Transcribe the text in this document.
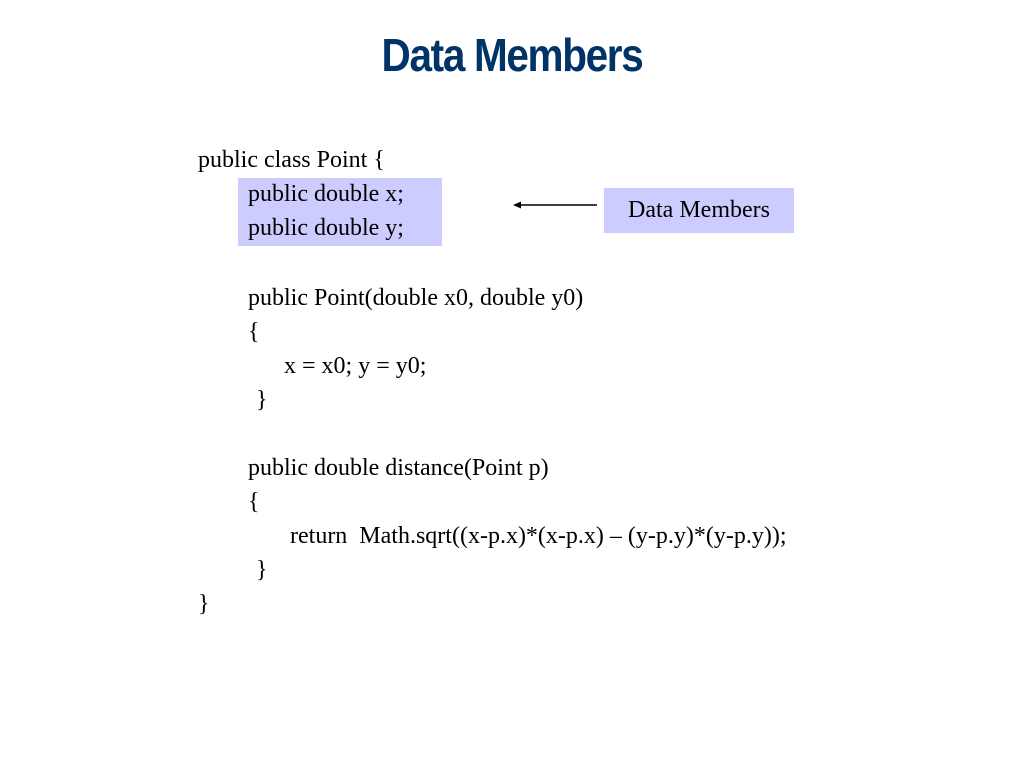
Data Members
Data Members
public class Point {
public double x;
public double y;
public Point(double x0, double y0)
{
x = x0; y = y0;
}
public double distance(Point p)
{
return  Math.sqrt((x-p.x)*(x-p.x) – (y-p.y)*(y-p.y));
}
}
